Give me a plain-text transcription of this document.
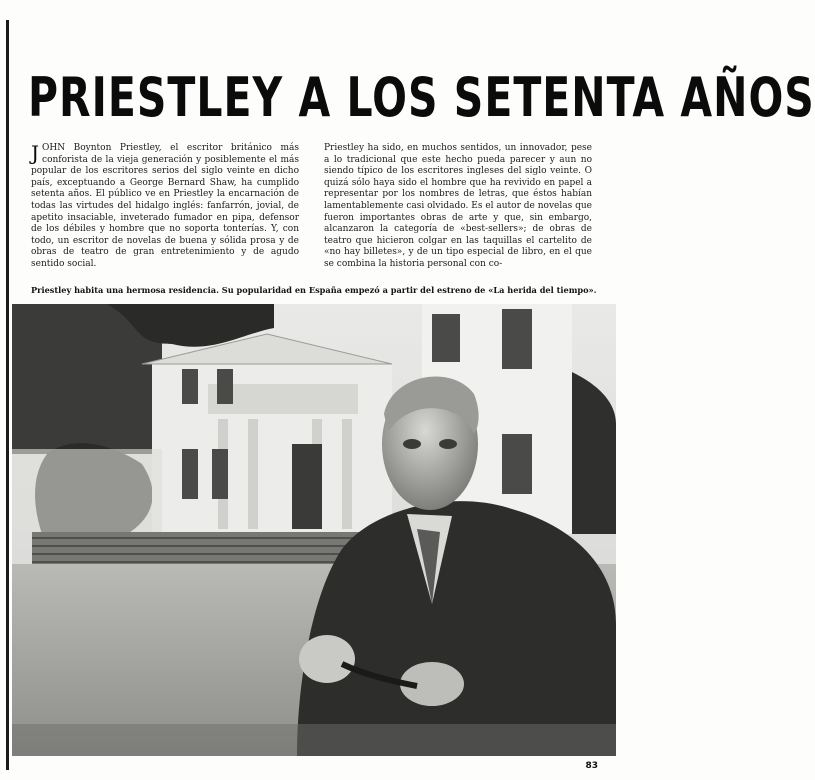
PRIESTLEY A LOS SETENTA AÑOS

JOHN Boynton Priestley, el escritor británico más conforista de la vieja generación y posiblemente el más popular de los escritores serios del siglo veinte en dicho país, exceptuando a George Bernard Shaw, ha cumplido setenta años. El público ve en Priestley la encarnación de todas las virtudes del hidalgo inglés: fanfarrón, jovial, de apetito insaciable, inveterado fumador en pipa, defensor de los débiles y hombre que no soporta tonterías. Y, con todo, un escritor de novelas de buena y sólida prosa y de obras de teatro de gran entretenimiento y de agudo sentido social.

Priestley ha sido, en muchos sentidos, un innovador, pese a lo tradicional que este hecho pueda parecer y aun no siendo típico de los escritores ingleses del siglo veinte. O quizá sólo haya sido el hombre que ha revivido en papel a representar por los nombres de letras, que éstos habían lamentablemente casi olvidado. Es el autor de novelas que fueron importantes obras de arte y que, sin embargo, alcanzaron la categoría de «best-sellers»; de obras de teatro que hicieron colgar en las taquillas el cartelito de «no hay billetes», y de un tipo especial de libro, en el que se combina la historia personal con co-

Priestley habita una hermosa residencia. Su popularidad en España empezó a partir del estreno de «La herida del tiempo».
83
